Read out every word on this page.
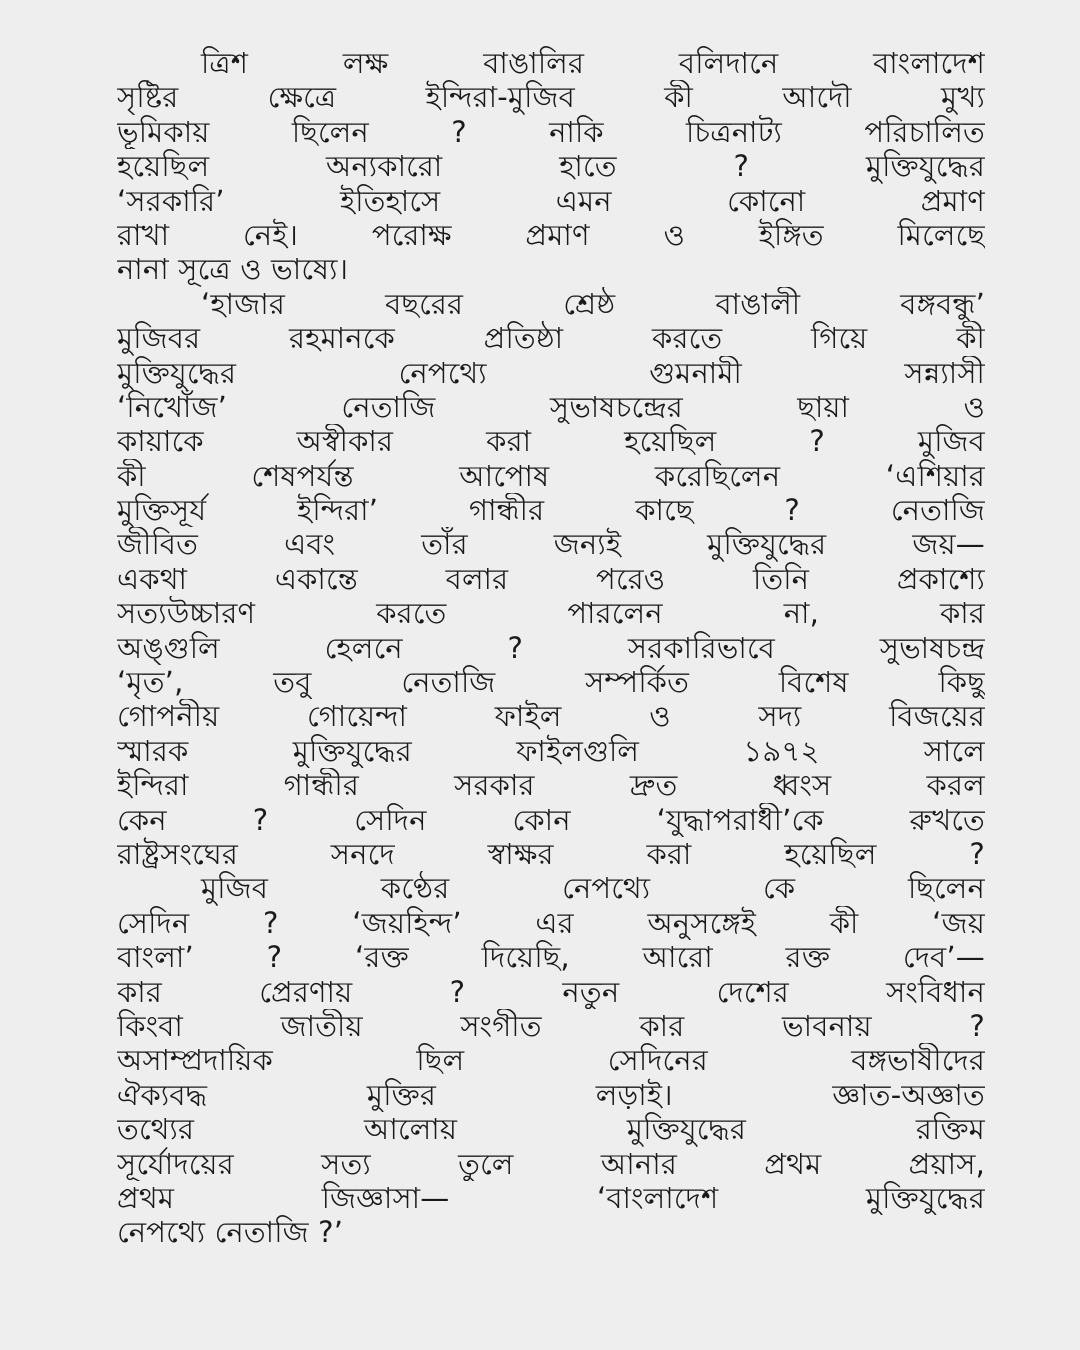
ত্রিশ লক্ষ বাঙালির বলিদানে বাংলাদেশ
সৃষ্টির ক্ষেত্রে ইন্দিরা-মুজিব কী আদৌ মুখ্য
ভূমিকায় ছিলেন ? নাকি চিত্রনাট্য পরিচালিত
হয়েছিল অন্যকারো হাতে ? মুক্তিযুদ্ধের
‘সরকারি’ ইতিহাসে এমন কোনো প্রমাণ
রাখা নেই। পরোক্ষ প্রমাণ ও ইঙ্গিত মিলেছে
নানা সূত্রে ও ভাষ্যে।
‘হাজার বছরের শ্রেষ্ঠ বাঙালী বঙ্গবন্ধু’
মুজিবর রহমানকে প্রতিষ্ঠা করতে গিয়ে কী
মুক্তিযুদ্ধের নেপথ্যে গুমনামী সন্ন্যাসী
‘নিখোঁজ’ নেতাজি সুভাষচন্দ্রের ছায়া ও
কায়াকে অস্বীকার করা হয়েছিল ? মুজিব
কী শেষপর্যন্ত আপোষ করেছিলেন ‘এশিয়ার
মুক্তিসূর্য ইন্দিরা’ গান্ধীর কাছে ? নেতাজি
জীবিত এবং তাঁর জন্যই মুক্তিযুদ্ধের জয়—
একথা একান্তে বলার পরেও তিনি প্রকাশ্যে
সত্যউচ্চারণ করতে পারলেন না, কার
অঙ্গুলি হেলনে ? সরকারিভাবে সুভাষচন্দ্র
‘মৃত’, তবু নেতাজি সম্পর্কিত বিশেষ কিছু
গোপনীয় গোয়েন্দা ফাইল ও সদ্য বিজয়ের
স্মারক মুক্তিযুদ্ধের ফাইলগুলি ১৯৭২ সালে
ইন্দিরা গান্ধীর সরকার দ্রুত ধ্বংস করল
কেন ? সেদিন কোন ‘যুদ্ধাপরাধী’কে রুখতে
রাষ্ট্রসংঘের সনদে স্বাক্ষর করা হয়েছিল ?
মুজিব কণ্ঠের নেপথ্যে কে ছিলেন
সেদিন ? ‘জয়হিন্দ’ এর অনুসঙ্গেই কী ‘জয়
বাংলা’ ? ‘রক্ত দিয়েছি, আরো রক্ত দেব’—
কার প্রেরণায় ? নতুন দেশের সংবিধান
কিংবা জাতীয় সংগীত কার ভাবনায় ?
অসাম্প্রদায়িক ছিল সেদিনের বঙ্গভাষীদের
ঐক্যবদ্ধ মুক্তির লড়াই। জ্ঞাত-অজ্ঞাত
তথ্যের আলোয় মুক্তিযুদ্ধের রক্তিম
সূর্যোদয়ের সত্য তুলে আনার প্রথম প্রয়াস,
প্রথম জিজ্ঞাসা— ‘বাংলাদেশ মুক্তিযুদ্ধের
নেপথ্যে নেতাজি ?’
